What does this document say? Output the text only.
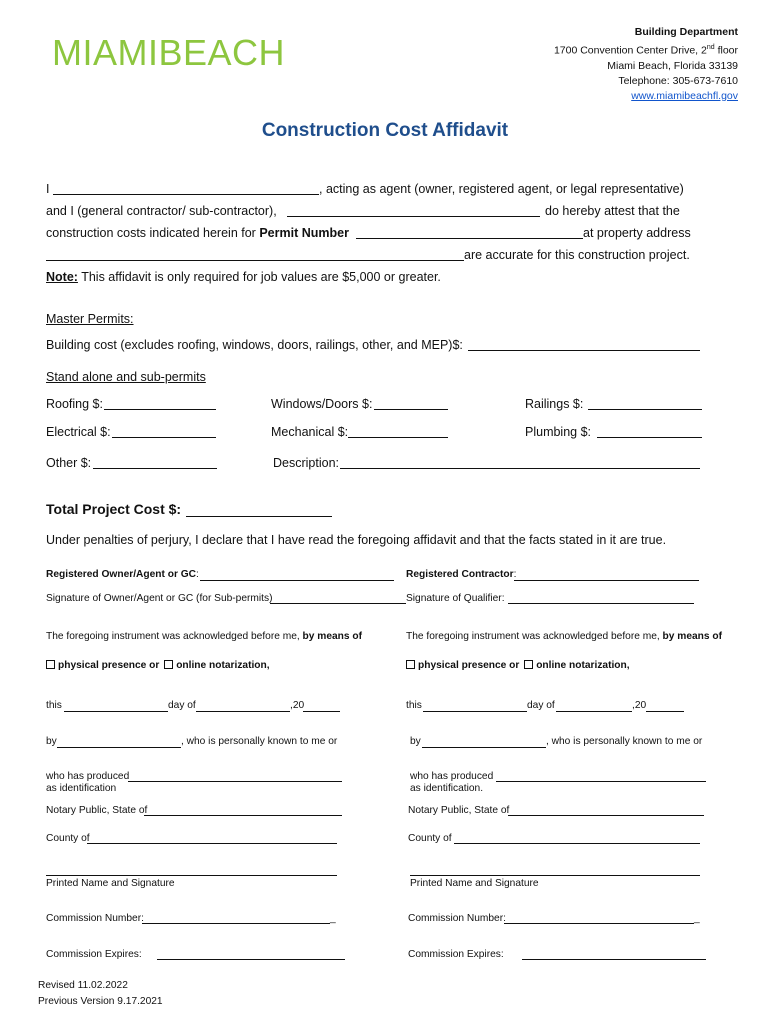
MIAMIBEACH	Building Department
1700 Convention Center Drive, 2nd floor
Miami Beach, Florida 33139
Telephone: 305-673-7610
www.miamibeachfl.gov
Construction Cost Affidavit
I	, acting as agent (owner, registered agent, or legal representative)
and I (general contractor/ sub-contractor),	do hereby attest that the
construction costs indicated herein for Permit Number	at property address
are accurate for this construction project.
Note: This affidavit is only required for job values are $5,000 or greater.
Master Permits:
Building cost (excludes roofing, windows, doors, railings, other, and MEP)$:
Stand alone and sub-permits
Roofing $:	Windows/Doors $:	Railings $:
Electrical $:	Mechanical $:	Plumbing $:
Other $:	Description:
Total Project Cost $:
Under penalties of perjury, I declare that I have read the foregoing affidavit and that the facts stated in it are true.
Registered Owner/Agent or GC:
Signature of Owner/Agent or GC (for Sub-permits)
The foregoing instrument was acknowledged before me, by means of
physical presence or online notarization,
this	day of	,20
by	, who is personally known to me or
who has produced
as identification
Notary Public, State of
County of
Printed Name and Signature
Commission Number:	_
Commission Expires:
Registered Contractor:
Signature of Qualifier:
The foregoing instrument was acknowledged before me, by means of
physical presence or online notarization,
this	day of	,20
by	, who is personally known to me or
who has produced
as identification.
Notary Public, State of
County of
Printed Name and Signature
Commission Number:	_
Commission Expires:
Revised 11.02.2022
Previous Version 9.17.2021
